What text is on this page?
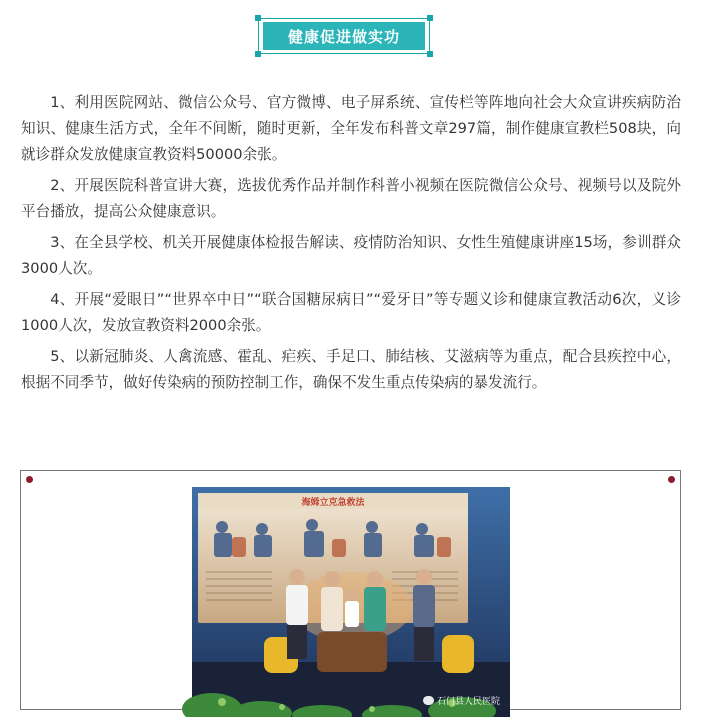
健康促进做实功

1、利用医院网站、微信公众号、官方微博、电子屏系统、宣传栏等阵地向社会大众宣讲疾病防治知识、健康生活方式，全年不间断，随时更新，全年发布科普文章297篇，制作健康宣教栏508块，向就诊群众发放健康宣教资料50000余张。

2、开展医院科普宣讲大赛，选拔优秀作品并制作科普小视频在医院微信公众号、视频号以及院外平台播放，提高公众健康意识。

3、在全县学校、机关开展健康体检报告解读、疫情防治知识、女性生殖健康讲座15场，参训群众3000人次。

4、开展“爱眼日”“世界卒中日”“联合国糖尿病日”“爱牙日”等专题义诊和健康宣教活动6次，义诊1000人次，发放宣教资料2000余张。

5、以新冠肺炎、人禽流感、霍乱、疟疾、手足口、肺结核、艾滋病等为重点，配合县疾控中心，根据不同季节，做好传染病的预防控制工作，确保不发生重点传染病的暴发流行。

海姆立克急救法
石门县人民医院
